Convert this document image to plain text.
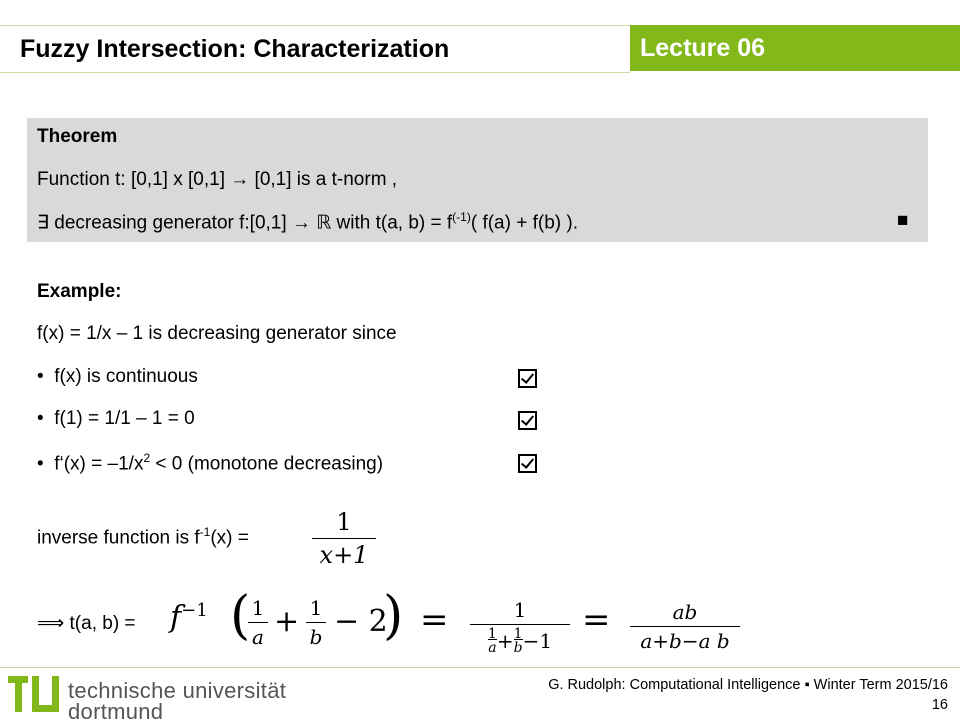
Fuzzy Intersection: Characterization	Lecture 06
Theorem
Function t: [0,1] x [0,1] → [0,1] is a t-norm ,
∃ decreasing generator f:[0,1] → ℝ with t(a, $b) = f^{(-1)}$( f(a) + f(b) ).	■
Example:
f(x) = 1/x – 1 is decreasing generator since
• f(x) is continuous
• f(1) = 1/1 – 1 = 0
• f‘(x) = $-1/x^2 < 0$ (monotone decreasing)
inverse function is $f^{-1}(x)$ =
1
x+1
⟹ t(a, $b) = f^{-1}$ ( 1
a + 1
b − 2
) =	1
$\frac{1}{a}+\frac{1}{b}-1$
=	ab
a+b−a b
technische universität
dortmund
G. Rudolph: Computational Intelligence ▪ Winter Term 2015/16
16
